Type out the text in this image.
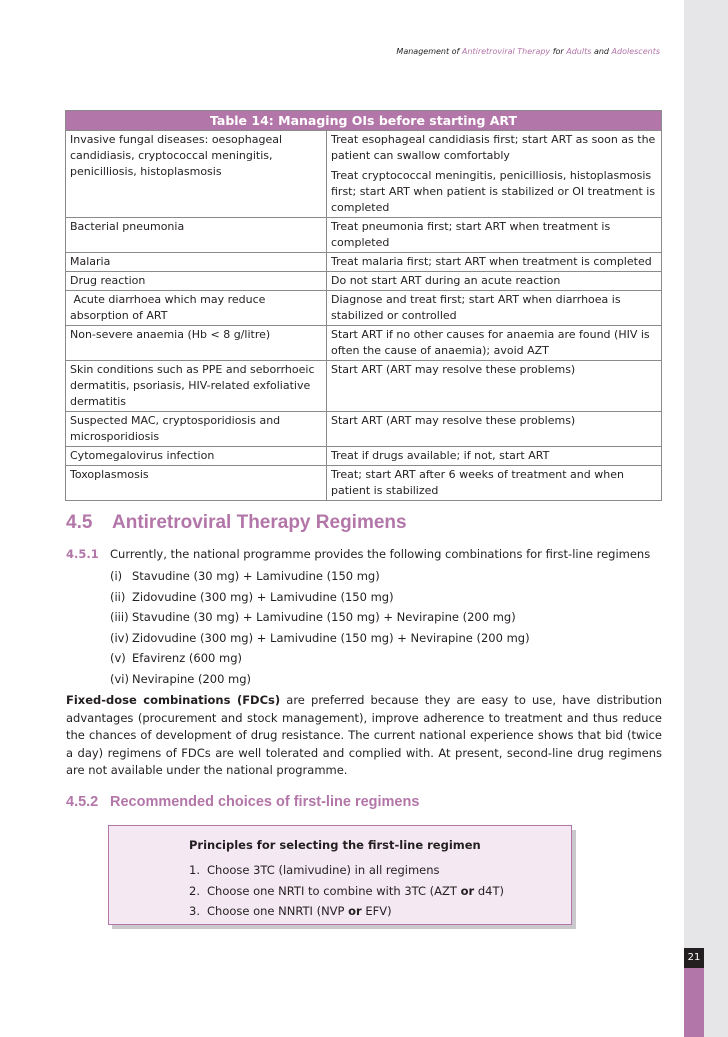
21
Management of Antiretroviral Therapy for Adults and Adolescents
Table 14: Managing OIs before starting ART	
Invasive fungal diseases: oesophageal candidiasis, cryptococcal meningitis, penicilliosis, histoplasmosis	Treat esophageal candidiasis first; start ART as soon as the patient can swallow comfortably
Treat cryptococcal meningitis, penicilliosis, histoplasmosis first; start ART when patient is stabilized or OI treatment is completed

Bacterial pneumonia	Treat pneumonia first; start ART when treatment is completed
Malaria	Treat malaria first; start ART when treatment is completed
Drug reaction	Do not start ART during an acute reaction
Acute diarrhoea which may reduce absorption of ART	Diagnose and treat first; start ART when diarrhoea is stabilized or controlled
Non-severe anaemia (Hb < 8 g/litre)	Start ART if no other causes for anaemia are found (HIV is often the cause of anaemia); avoid AZT
Skin conditions such as PPE and seborrhoeic dermatitis, psoriasis, HIV-related exfoliative dermatitis	Start ART (ART may resolve these problems)
Suspected MAC, cryptosporidiosis and microsporidiosis	Start ART (ART may resolve these problems)
Cytomegalovirus infection	Treat if drugs available; if not, start ART
Toxoplasmosis	Treat; start ART after 6 weeks of treatment and when patient is stabilized
4.5 Antiretroviral Therapy Regimens
4.5.1 Currently, the national programme provides the following combinations for first-line regimens
(i) Stavudine (30 mg) + Lamivudine (150 mg)
(ii) Zidovudine (300 mg) + Lamivudine (150 mg)
(iii) Stavudine (30 mg) + Lamivudine (150 mg) + Nevirapine (200 mg)
(iv) Zidovudine (300 mg) + Lamivudine (150 mg) + Nevirapine (200 mg)
(v) Efavirenz (600 mg)
(vi) Nevirapine (200 mg)

Fixed-dose combinations (FDCs) are preferred because they are easy to use, have distribution advantages (procurement and stock management), improve adherence to treatment and thus reduce the chances of development of drug resistance. The current national experience shows that bid (twice a day) regimens of FDCs are well tolerated and complied with. At present, second-line drug regimens are not available under the national programme.

4.5.2 Recommended choices of first-line regimens
Principles for selecting the first-line regimen
1. Choose 3TC (lamivudine) in all regimens
2. Choose one NRTI to combine with 3TC (AZT or d4T)
3. Choose one NNRTI (NVP or EFV)
